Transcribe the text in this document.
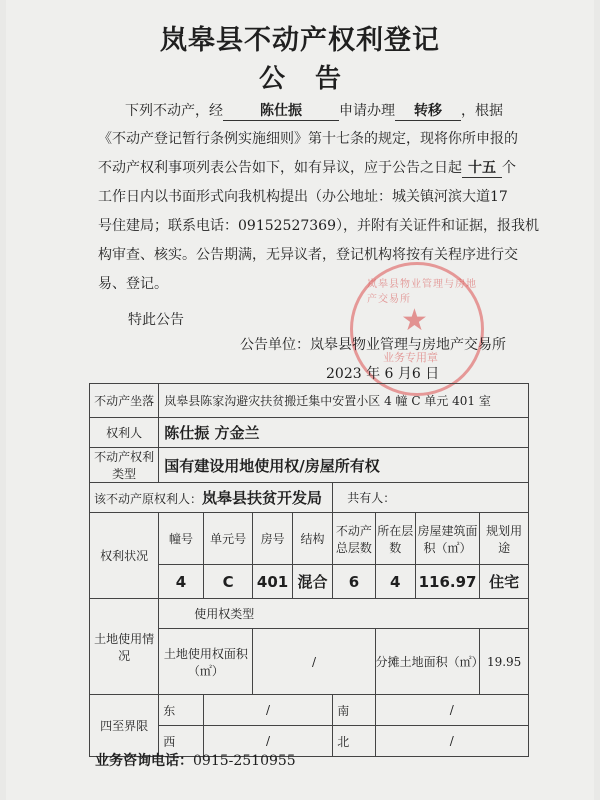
岚皋县不动产权利登记
公告
下列不动产，经	陈仕振	申请办理 转移 ，根据
《不动产登记暂行条例实施细则》第十七条的规定，现将你所申报的
不动产权利事项列表公告如下，如有异议，应于公告之日起 十五 个
工作日内以书面形式向我机构提出（办公地址：城关镇河滨大道17
号住建局；联系电话：09152527369），并附有关证件和证据，报我机
构审查、核实。公告期满，无异议者，登记机构将按有关程序进行交
易、登记。
特此公告
岚皋县物业管理与房地产交易所
★
业务专用章
公告单位：岚皋县物业管理与房地产交易所
2023 年 6 月6 日
不动产坐落	岚皋县陈家沟避灾扶贫搬迁集中安置小区 4 幢 C 单元 401 室							
权利人	陈仕振 方金兰							
不动产权利类型	国有建设用地使用权/房屋所有权							
该不动产原权利人：岚皋县扶贫开发局					共有人：			
权利状况	幢号	单元号	房号	结构	不动产总层数	所在层数	房屋建筑面积（㎡）	规划用途
	4	C	401	混合	6	4	116.97	住宅
土地使用情况	使用权类型							
	土地使用权面积（㎡）		/			分摊土地面积（㎡）		19.95
四至界限	东	/			南	/		
	西	/			北	/		
业务咨询电话：0915-2510955
